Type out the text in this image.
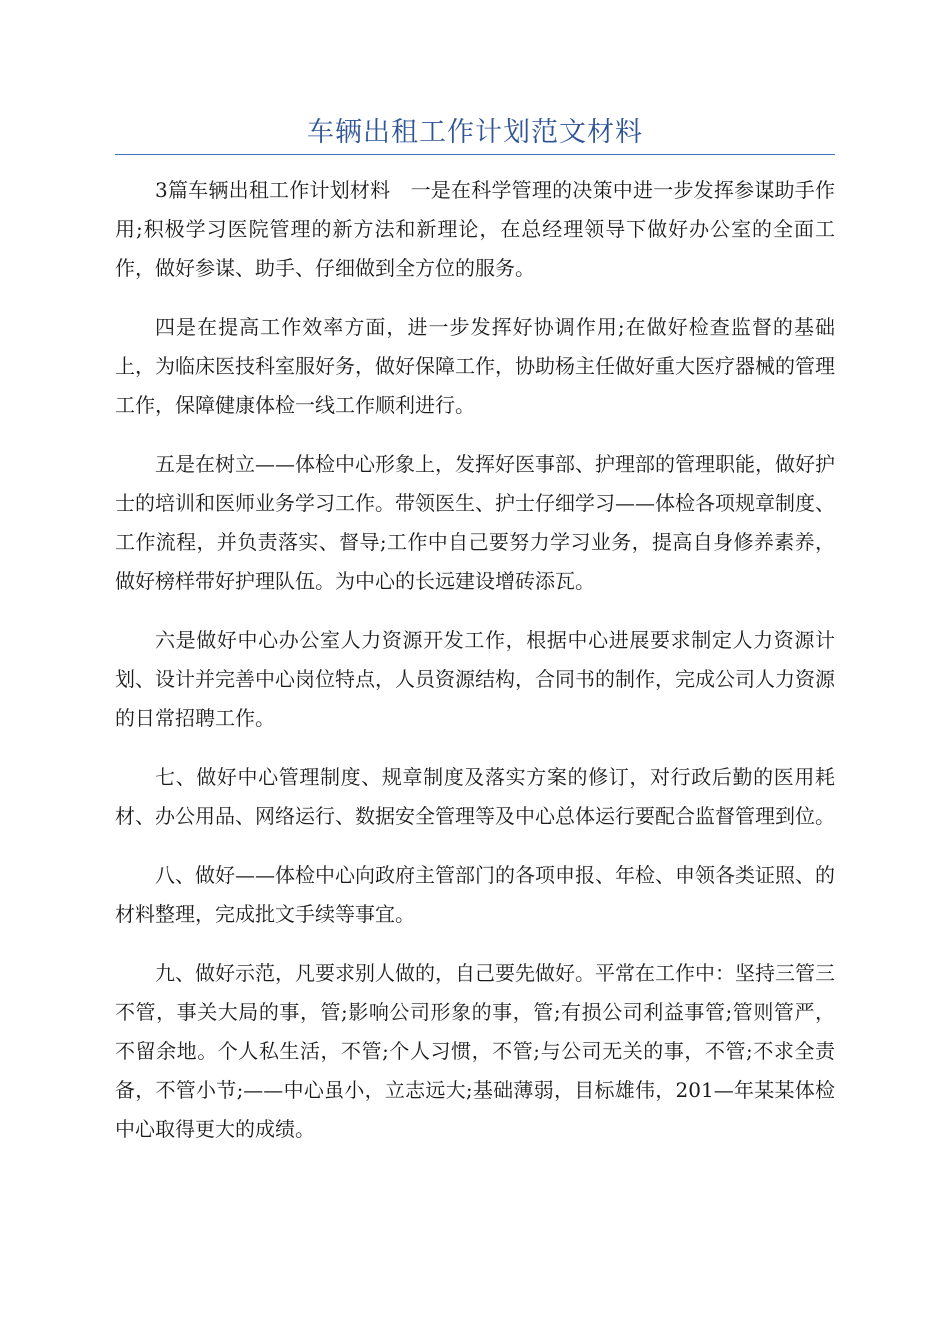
车辆出租工作计划范文材料

3篇车辆出租工作计划材料　一是在科学管理的决策中进一步发挥参谋助手作用;积极学习医院管理的新方法和新理论，在总经理领导下做好办公室的全面工作，做好参谋、助手、仔细做到全方位的服务。

四是在提高工作效率方面，进一步发挥好协调作用;在做好检查监督的基础上，为临床医技科室服好务，做好保障工作，协助杨主任做好重大医疗器械的管理工作，保障健康体检一线工作顺利进行。

五是在树立——体检中心形象上，发挥好医事部、护理部的管理职能，做好护士的培训和医师业务学习工作。带领医生、护士仔细学习——体检各项规章制度、工作流程，并负责落实、督导;工作中自己要努力学习业务，提高自身修养素养，做好榜样带好护理队伍。为中心的长远建设增砖添瓦。

六是做好中心办公室人力资源开发工作，根据中心进展要求制定人力资源计划、设计并完善中心岗位特点，人员资源结构，合同书的制作，完成公司人力资源的日常招聘工作。

七、做好中心管理制度、规章制度及落实方案的修订，对行政后勤的医用耗材、办公用品、网络运行、数据安全管理等及中心总体运行要配合监督管理到位。

八、做好——体检中心向政府主管部门的各项申报、年检、申领各类证照、的材料整理，完成批文手续等事宜。

九、做好示范，凡要求别人做的，自己要先做好。平常在工作中：坚持三管三不管，事关大局的事，管;影响公司形象的事，管;有损公司利益事管;管则管严，不留余地。个人私生活，不管;个人习惯，不管;与公司无关的事，不管;不求全责备，不管小节;——中心虽小，立志远大;基础薄弱，目标雄伟，201—年某某体检中心取得更大的成绩。
